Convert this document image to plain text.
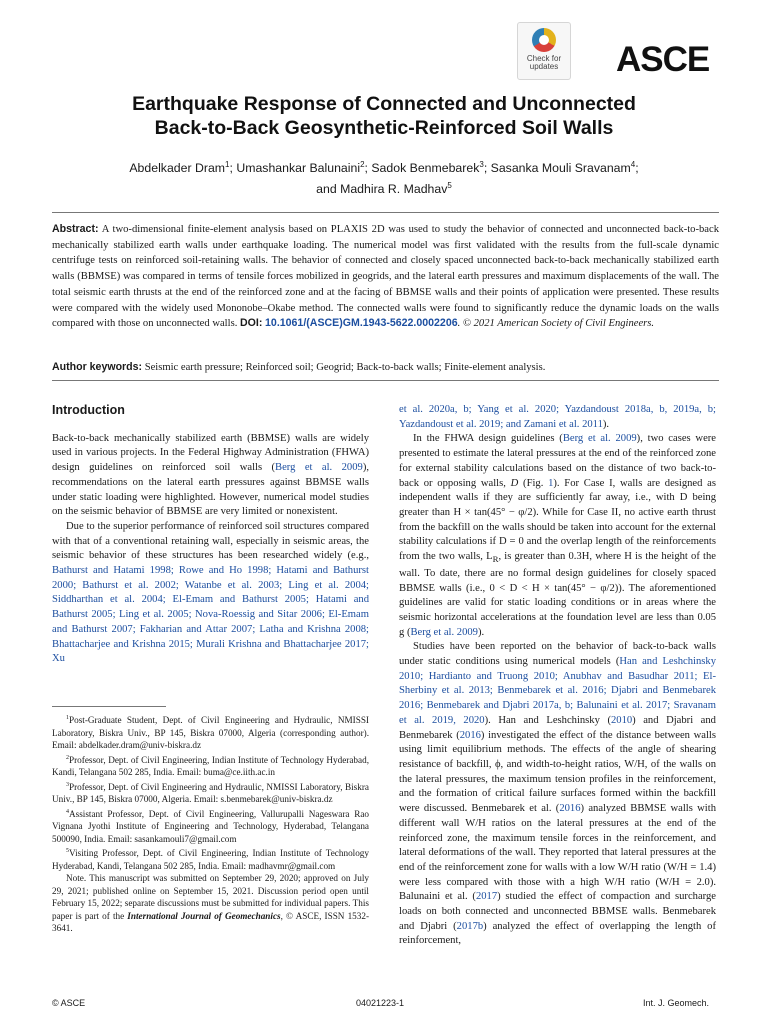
Check for
updates	ASCE
Earthquake Response of Connected and Unconnected
Back-to-Back Geosynthetic-Reinforced Soil Walls
Abdelkader Dram$^1$; Umashankar Balunaini$^2$; Sadok Benmebarek$^3$; Sasanka Mouli Sravanam$^4$;
and Madhira R. Madhav$^5$
Abstract: A two-dimensional finite-element analysis based on PLAXIS 2D was used to study the behavior of connected and unconnected back-to-back mechanically stabilized earth walls under earthquake loading. The numerical model was first validated with the results from the full-scale dynamic centrifuge tests on reinforced soil-retaining walls. The behavior of connected and closely spaced unconnected back-to-back mechanically stabilized earth walls (BBMSE) was compared in terms of tensile forces mobilized in geogrids, and the lateral earth pressures and maximum displacements of the wall. The total seismic earth thrusts at the end of the reinforced zone and at the facing of BBMSE walls and their points of application were presented. These results were compared with the widely used Mononobe–Okabe method. The connected walls were found to significantly reduce the dynamic loads on the walls compared with those on unconnected walls. DOI: 10.1061/(ASCE)GM.1943-5622.0002206. © 2021 American Society of Civil Engineers.
Author keywords: Seismic earth pressure; Reinforced soil; Geogrid; Back-to-back walls; Finite-element analysis.
Introduction

Back-to-back mechanically stabilized earth (BBMSE) walls are widely used in various projects. In the Federal Highway Administration (FHWA) design guidelines on reinforced soil walls (Berg et al. 2009), recommendations on the lateral earth pressures against BBMSE walls under static loading were highlighted. However, numerical model studies on the seismic behavior of BBMSE are very limited or nonexistent.

Due to the superior performance of reinforced soil structures compared with that of a conventional retaining wall, especially in seismic areas, the seismic behavior of these structures has been researched widely (e.g., Bathurst and Hatami 1998; Rowe and Ho 1998; Hatami and Bathurst 2000; Bathurst et al. 2002; Watanbe et al. 2003; Ling et al. 2004; Siddharthan et al. 2004; El-Emam and Bathurst 2005; Hatami and Bathurst 2005; Ling et al. 2005; Nova-Roessig and Sitar 2006; El-Emam and Bathurst 2007; Fakharian and Attar 2007; Latha and Krishna 2008; Bhattacharjee and Krishna 2015; Murali Krishna and Bhattacharjee 2017; Xu

$^1$Post-Graduate Student, Dept. of Civil Engineering and Hydraulic, NMISSI Laboratory, Biskra Univ., BP 145, Biskra 07000, Algeria (corresponding author). Email: abdelkader.dram@univ-biskra.dz

$^2$Professor, Dept. of Civil Engineering, Indian Institute of Technology Hyderabad, Kandi, Telangana 502 285, India. Email: buma@ce.iith.ac.in

$^3$Professor, Dept. of Civil Engineering and Hydraulic, NMISSI Laboratory, Biskra Univ., BP 145, Biskra 07000, Algeria. Email: s.benmebarek@univ-biskra.dz

$^4$Assistant Professor, Dept. of Civil Engineering, Vallurupalli Nageswara Rao Vignana Jyothi Institute of Engineering and Technology, Hyderabad, Telangana 500090, India. Email: sasankamouli7@gmail.com

$^5$Visiting Professor, Dept. of Civil Engineering, Indian Institute of Technology Hyderabad, Kandi, Telangana 502 285, India. Email: madhavmr@gmail.com

Note. This manuscript was submitted on September 29, 2020; approved on July 29, 2021; published online on September 15, 2021. Discussion period open until February 15, 2022; separate discussions must be submitted for individual papers. This paper is part of the International Journal of Geomechanics, © ASCE, ISSN 1532-3641.

et al. 2020a, b; Yang et al. 2020; Yazdandoust 2018a, b, 2019a, b; Yazdandoust et al. 2019; and Zamani et al. 2011).

In the FHWA design guidelines (Berg et al. 2009), two cases were presented to estimate the lateral pressures at the end of the reinforced zone for external stability calculations based on the distance of two back-to-back or opposing walls, D (Fig. 1). For Case I, walls are designed as independent walls if they are sufficiently far away, i.e., with D being greater than H × tan(45° − φ/2). While for Case II, no active earth thrust from the backfill on the walls should be taken into account for the external stability calculations if D = 0 and the overlap length of the reinforcements from the two walls, $L_R$, is greater than 0.3H, where H is the height of the wall. To date, there are no formal design guidelines for closely spaced BBMSE walls (i.e., 0 < D < H × tan(45° − φ/2)). The aforementioned guidelines are valid for static loading conditions or in areas where the seismic horizontal accelerations at the foundation level are less than 0.05 g (Berg et al. 2009).

Studies have been reported on the behavior of back-to-back walls under static conditions using numerical models (Han and Leshchinsky 2010; Hardianto and Truong 2010; Anubhav and Basudhar 2011; El-Sherbiny et al. 2013; Benmebarek et al. 2016; Djabri and Benmebarek 2016; Benmebarek and Djabri 2017a, b; Balunaini et al. 2017; Sravanam et al. 2019, 2020). Han and Leshchinsky (2010) and Djabri and Benmebarek (2016) investigated the effect of the distance between walls using limit equilibrium methods. The effects of the angle of shearing resistance of backfill, ϕ, and width-to-height ratios, W/H, of the walls on the lateral pressures, the maximum tension profiles in the reinforcement, and the formation of critical failure surfaces formed within the backfill were discussed. Benmebarek et al. (2016) analyzed BBMSE walls with different wall W/H ratios on the lateral pressures at the end of the reinforced zone, the maximum tensile forces in the reinforcement, and lateral deformations of the wall. They reported that lateral pressures at the end of the reinforcement zone for walls with a low W/H ratio (W/H = 1.4) were less compared with those with a high W/H ratio (W/H = 2.0). Balunaini et al. (2017) studied the effect of compaction and surcharge loads on both connected and unconnected BBMSE walls. Benmebarek and Djabri (2017b) analyzed the effect of overlapping the length of reinforcement,

© ASCE	04021223-1	Int. J. Geomech.
